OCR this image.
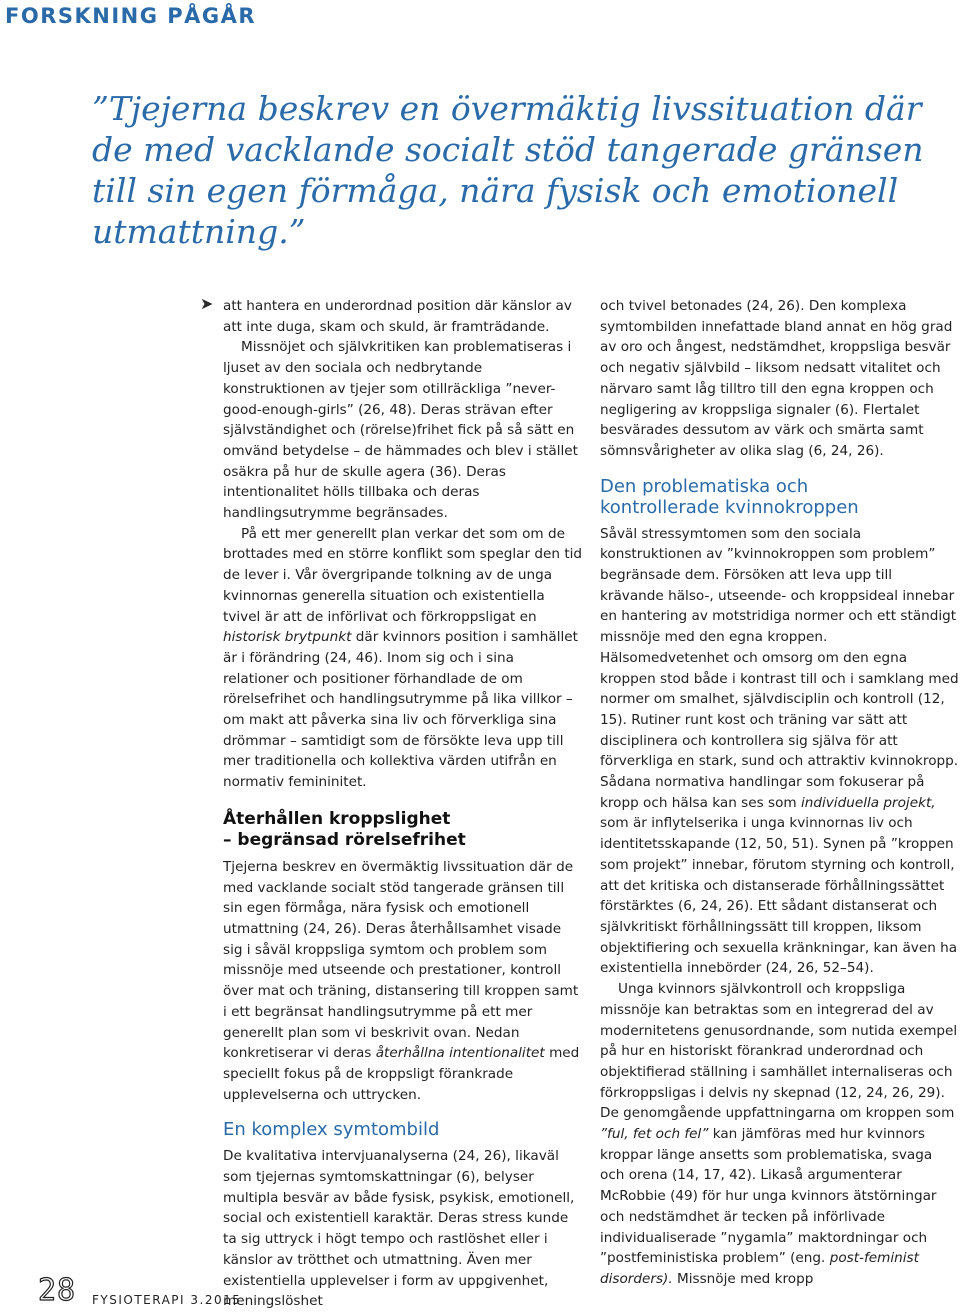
FORSKNING PÅGÅR
”Tjejerna beskrev en övermäktig livssituation där de med vacklande socialt stöd tangerade gränsen till sin egen förmåga, nära fysisk och emotionell utmattning.”
➤ att hantera en underordnad position där känslor av att inte duga, skam och skuld, är framträdande.

Missnöjet och självkritiken kan problematiseras i ljuset av den sociala och nedbrytande konstruktionen av tjejer som otillräckliga ”never-good-enough-girls” (26, 48). Deras strävan efter självständighet och (rörelse)frihet fick på så sätt en omvänd betydelse – de hämmades och blev i stället osäkra på hur de skulle agera (36). Deras intentionalitet hölls tillbaka och deras handlingsutrymme begränsades.

På ett mer generellt plan verkar det som om de brottades med en större konflikt som speglar den tid de lever i. Vår övergripande tolkning av de unga kvinnornas generella situation och existentiella tvivel är att de införlivat och förkroppsligat en historisk brytpunkt där kvinnors position i samhället är i förändring (24, 46). Inom sig och i sina relationer och positioner förhandlade de om rörelsefrihet och handlingsutrymme på lika villkor – om makt att påverka sina liv och förverkliga sina drömmar – samtidigt som de försökte leva upp till mer traditionella och kollektiva värden utifrån en normativ femininitet.

Återhållen kroppslighet
– begränsad rörelsefrihet

Tjejerna beskrev en övermäktig livssituation där de med vacklande socialt stöd tangerade gränsen till sin egen förmåga, nära fysisk och emotionell utmattning (24, 26). Deras återhållsamhet visade sig i såväl kroppsliga symtom och problem som missnöje med utseende och prestationer, kontroll över mat och träning, distansering till kroppen samt i ett begränsat handlingsutrymme på ett mer generellt plan som vi beskrivit ovan. Nedan konkretiserar vi deras återhållna intentionalitet med speciellt fokus på de kroppsligt förankrade upplevelserna och uttrycken.

En komplex symtombild

De kvalitativa intervjuanalyserna (24, 26), likaväl som tjejernas symtomskattningar (6), belyser multipla besvär av både fysisk, psykisk, emotionell, social och existentiell karaktär. Deras stress kunde ta sig uttryck i högt tempo och rastlöshet eller i känslor av trötthet och utmattning. Även mer existentiella upplevelser i form av uppgivenhet, meningslöshet

och tvivel betonades (24, 26). Den komplexa symtombilden innefattade bland annat en hög grad av oro och ångest, nedstämdhet, kroppsliga besvär och negativ självbild – liksom nedsatt vitalitet och närvaro samt låg tilltro till den egna kroppen och negligering av kroppsliga signaler (6). Flertalet besvärades dessutom av värk och smärta samt sömnsvårigheter av olika slag (6, 24, 26).

Den problematiska och
kontrollerade kvinnokroppen

Såväl stressymtomen som den sociala konstruktionen av ”kvinnokroppen som problem” begränsade dem. Försöken att leva upp till krävande hälso-, utseende- och kroppsideal innebar en hantering av motstridiga normer och ett ständigt missnöje med den egna kroppen. Hälsomedvetenhet och omsorg om den egna kroppen stod både i kontrast till och i samklang med normer om smalhet, självdisciplin och kontroll (12, 15). Rutiner runt kost och träning var sätt att disciplinera och kontrollera sig själva för att förverkliga en stark, sund och attraktiv kvinnokropp. Sådana normativa handlingar som fokuserar på kropp och hälsa kan ses som individuella projekt, som är inflytelserika i unga kvinnornas liv och identitetsskapande (12, 50, 51). Synen på ”kroppen som projekt” innebar, förutom styrning och kontroll, att det kritiska och distanserade förhållningssättet förstärktes (6, 24, 26). Ett sådant distanserat och självkritiskt förhållningssätt till kroppen, liksom objektifiering och sexuella kränkningar, kan även ha existentiella innebörder (24, 26, 52–54).

Unga kvinnors självkontroll och kroppsliga missnöje kan betraktas som en integrerad del av modernitetens genusordnande, som nutida exempel på hur en historiskt förankrad underordnad och objektifierad ställning i samhället internaliseras och förkroppsligas i delvis ny skepnad (12, 24, 26, 29). De genomgående uppfattningarna om kroppen som ”ful, fet och fel” kan jämföras med hur kvinnors kroppar länge ansetts som problematiska, svaga och orena (14, 17, 42). Likaså argumenterar McRobbie (49) för hur unga kvinnors ätstörningar och nedstämdhet är tecken på införlivade individualiserade ”nygamla” maktordningar och ”postfeministiska problem” (eng. post-feminist disorders). Missnöje med kropp

28 FYSIOTERAPI 3.2015
